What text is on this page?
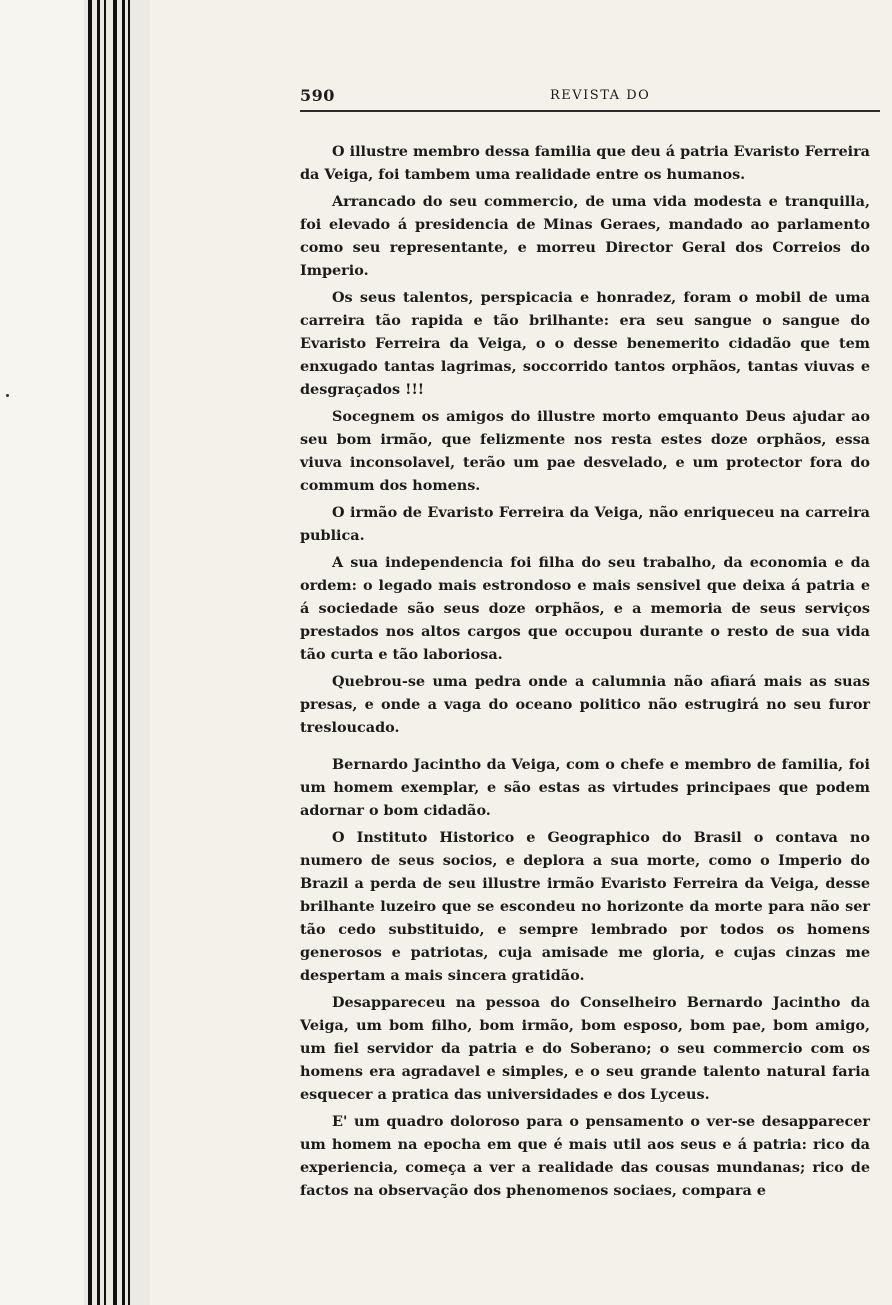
590	REVISTA DO

O illustre membro dessa familia que deu á patria Evaristo Ferreira da Veiga, foi tambem uma realidade entre os humanos.

Arrancado do seu commercio, de uma vida modesta e tranquilla, foi elevado á presidencia de Minas Geraes, mandado ao parlamento como seu representante, e morreu Director Geral dos Correios do Imperio.

Os seus talentos, perspicacia e honradez, foram o mobil de uma carreira tão rapida e tão brilhante: era seu sangue o sangue do Evaristo Ferreira da Veiga, o o desse benemerito cidadão que tem enxugado tantas lagrimas, soccorrido tantos orphãos, tantas viuvas e desgraçados !!!

Socegnem os amigos do illustre morto emquanto Deus ajudar ao seu bom irmão, que felizmente nos resta estes doze orphãos, essa viuva inconsolavel, terão um pae desvelado, e um protector fora do commum dos homens.

O irmão de Evaristo Ferreira da Veiga, não enriqueceu na carreira publica.

A sua independencia foi filha do seu trabalho, da economia e da ordem: o legado mais estrondoso e mais sensivel que deixa á patria e á sociedade são seus doze orphãos, e a memoria de seus serviços prestados nos altos cargos que occupou durante o resto de sua vida tão curta e tão laboriosa.

Quebrou-se uma pedra onde a calumnia não afiará mais as suas presas, e onde a vaga do oceano politico não estrugirá no seu furor tresloucado.

Bernardo Jacintho da Veiga, com o chefe e membro de familia, foi um homem exemplar, e são estas as virtudes principaes que podem adornar o bom cidadão.

O Instituto Historico e Geographico do Brasil o contava no numero de seus socios, e deplora a sua morte, como o Imperio do Brazil a perda de seu illustre irmão Evaristo Ferreira da Veiga, desse brilhante luzeiro que se escondeu no horizonte da morte para não ser tão cedo substituido, e sempre lembrado por todos os homens generosos e patriotas, cuja amisade me gloria, e cujas cinzas me despertam a mais sincera gratidão.

Desappareceu na pessoa do Conselheiro Bernardo Jacintho da Veiga, um bom filho, bom irmão, bom esposo, bom pae, bom amigo, um fiel servidor da patria e do Soberano; o seu commercio com os homens era agradavel e simples, e o seu grande talento natural faria esquecer a pratica das universidades e dos Lyceus.

E' um quadro doloroso para o pensamento o ver-se desapparecer um homem na epocha em que é mais util aos seus e á patria: rico da experiencia, começa a ver a realidade das cousas mundanas; rico de factos na observação dos phenomenos sociaes, compara e
